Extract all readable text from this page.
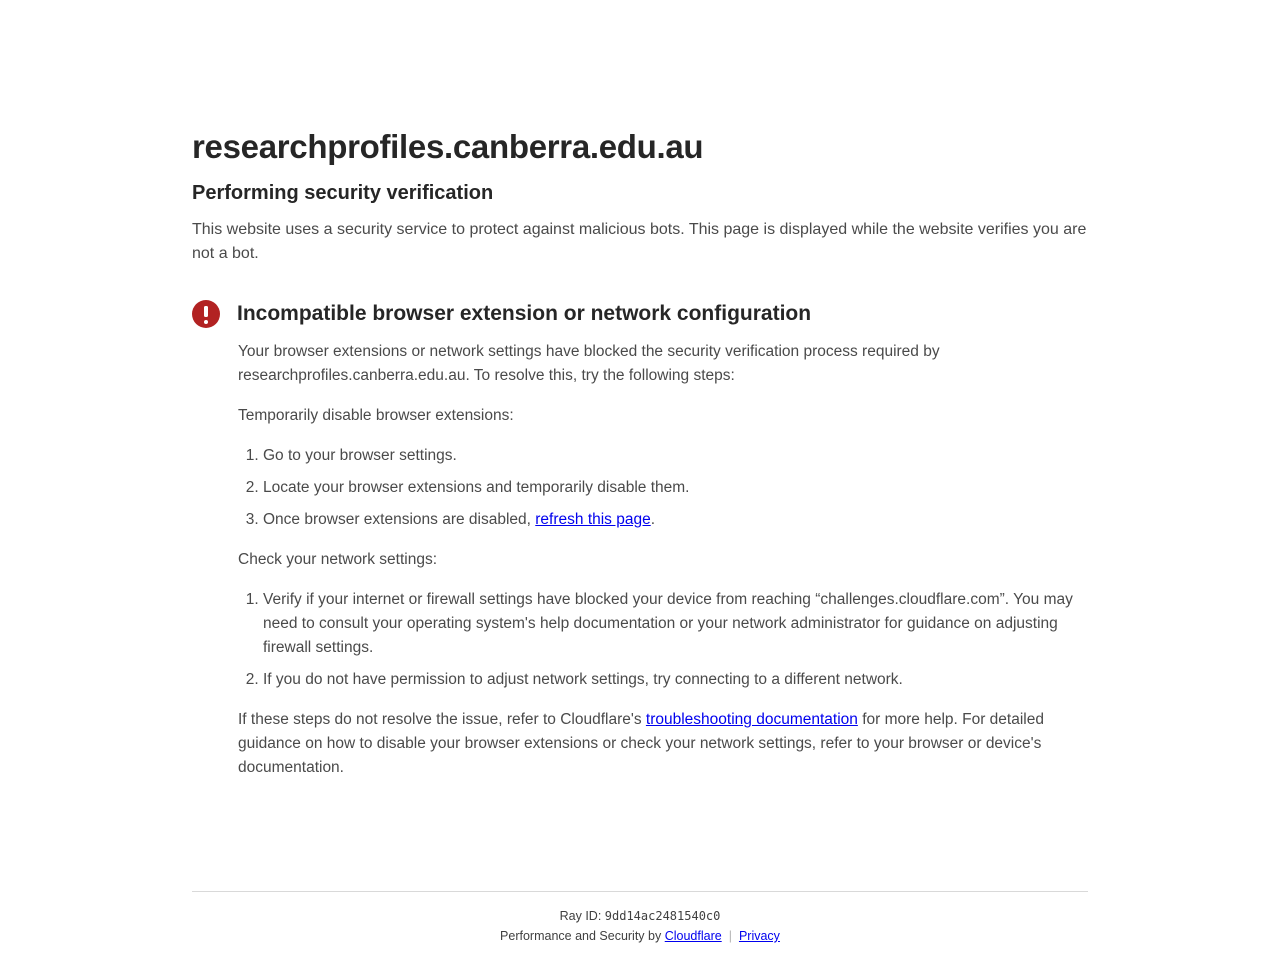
researchprofiles.canberra.edu.au
Performing security verification

This website uses a security service to protect against malicious bots. This page is displayed while the website verifies you are not a bot.

Incompatible browser extension or network configuration

Your browser extensions or network settings have blocked the security verification process required by researchprofiles.canberra.edu.au. To resolve this, try the following steps:

Temporarily disable browser extensions:

1. Go to your browser settings.
2. Locate your browser extensions and temporarily disable them.
3. Once browser extensions are disabled, refresh this page.

Check your network settings:

1. Verify if your internet or firewall settings have blocked your device from reaching “challenges.cloudflare.com”. You may need to consult your operating system's help documentation or your network administrator for guidance on adjusting firewall settings.
2. If you do not have permission to adjust network settings, try connecting to a different network.

If these steps do not resolve the issue, refer to Cloudflare's troubleshooting documentation for more help. For detailed guidance on how to disable your browser extensions or check your network settings, refer to your browser or device's documentation.

Ray ID: 9dd14ac2481540c0
Performance and Security by Cloudflare | Privacy
